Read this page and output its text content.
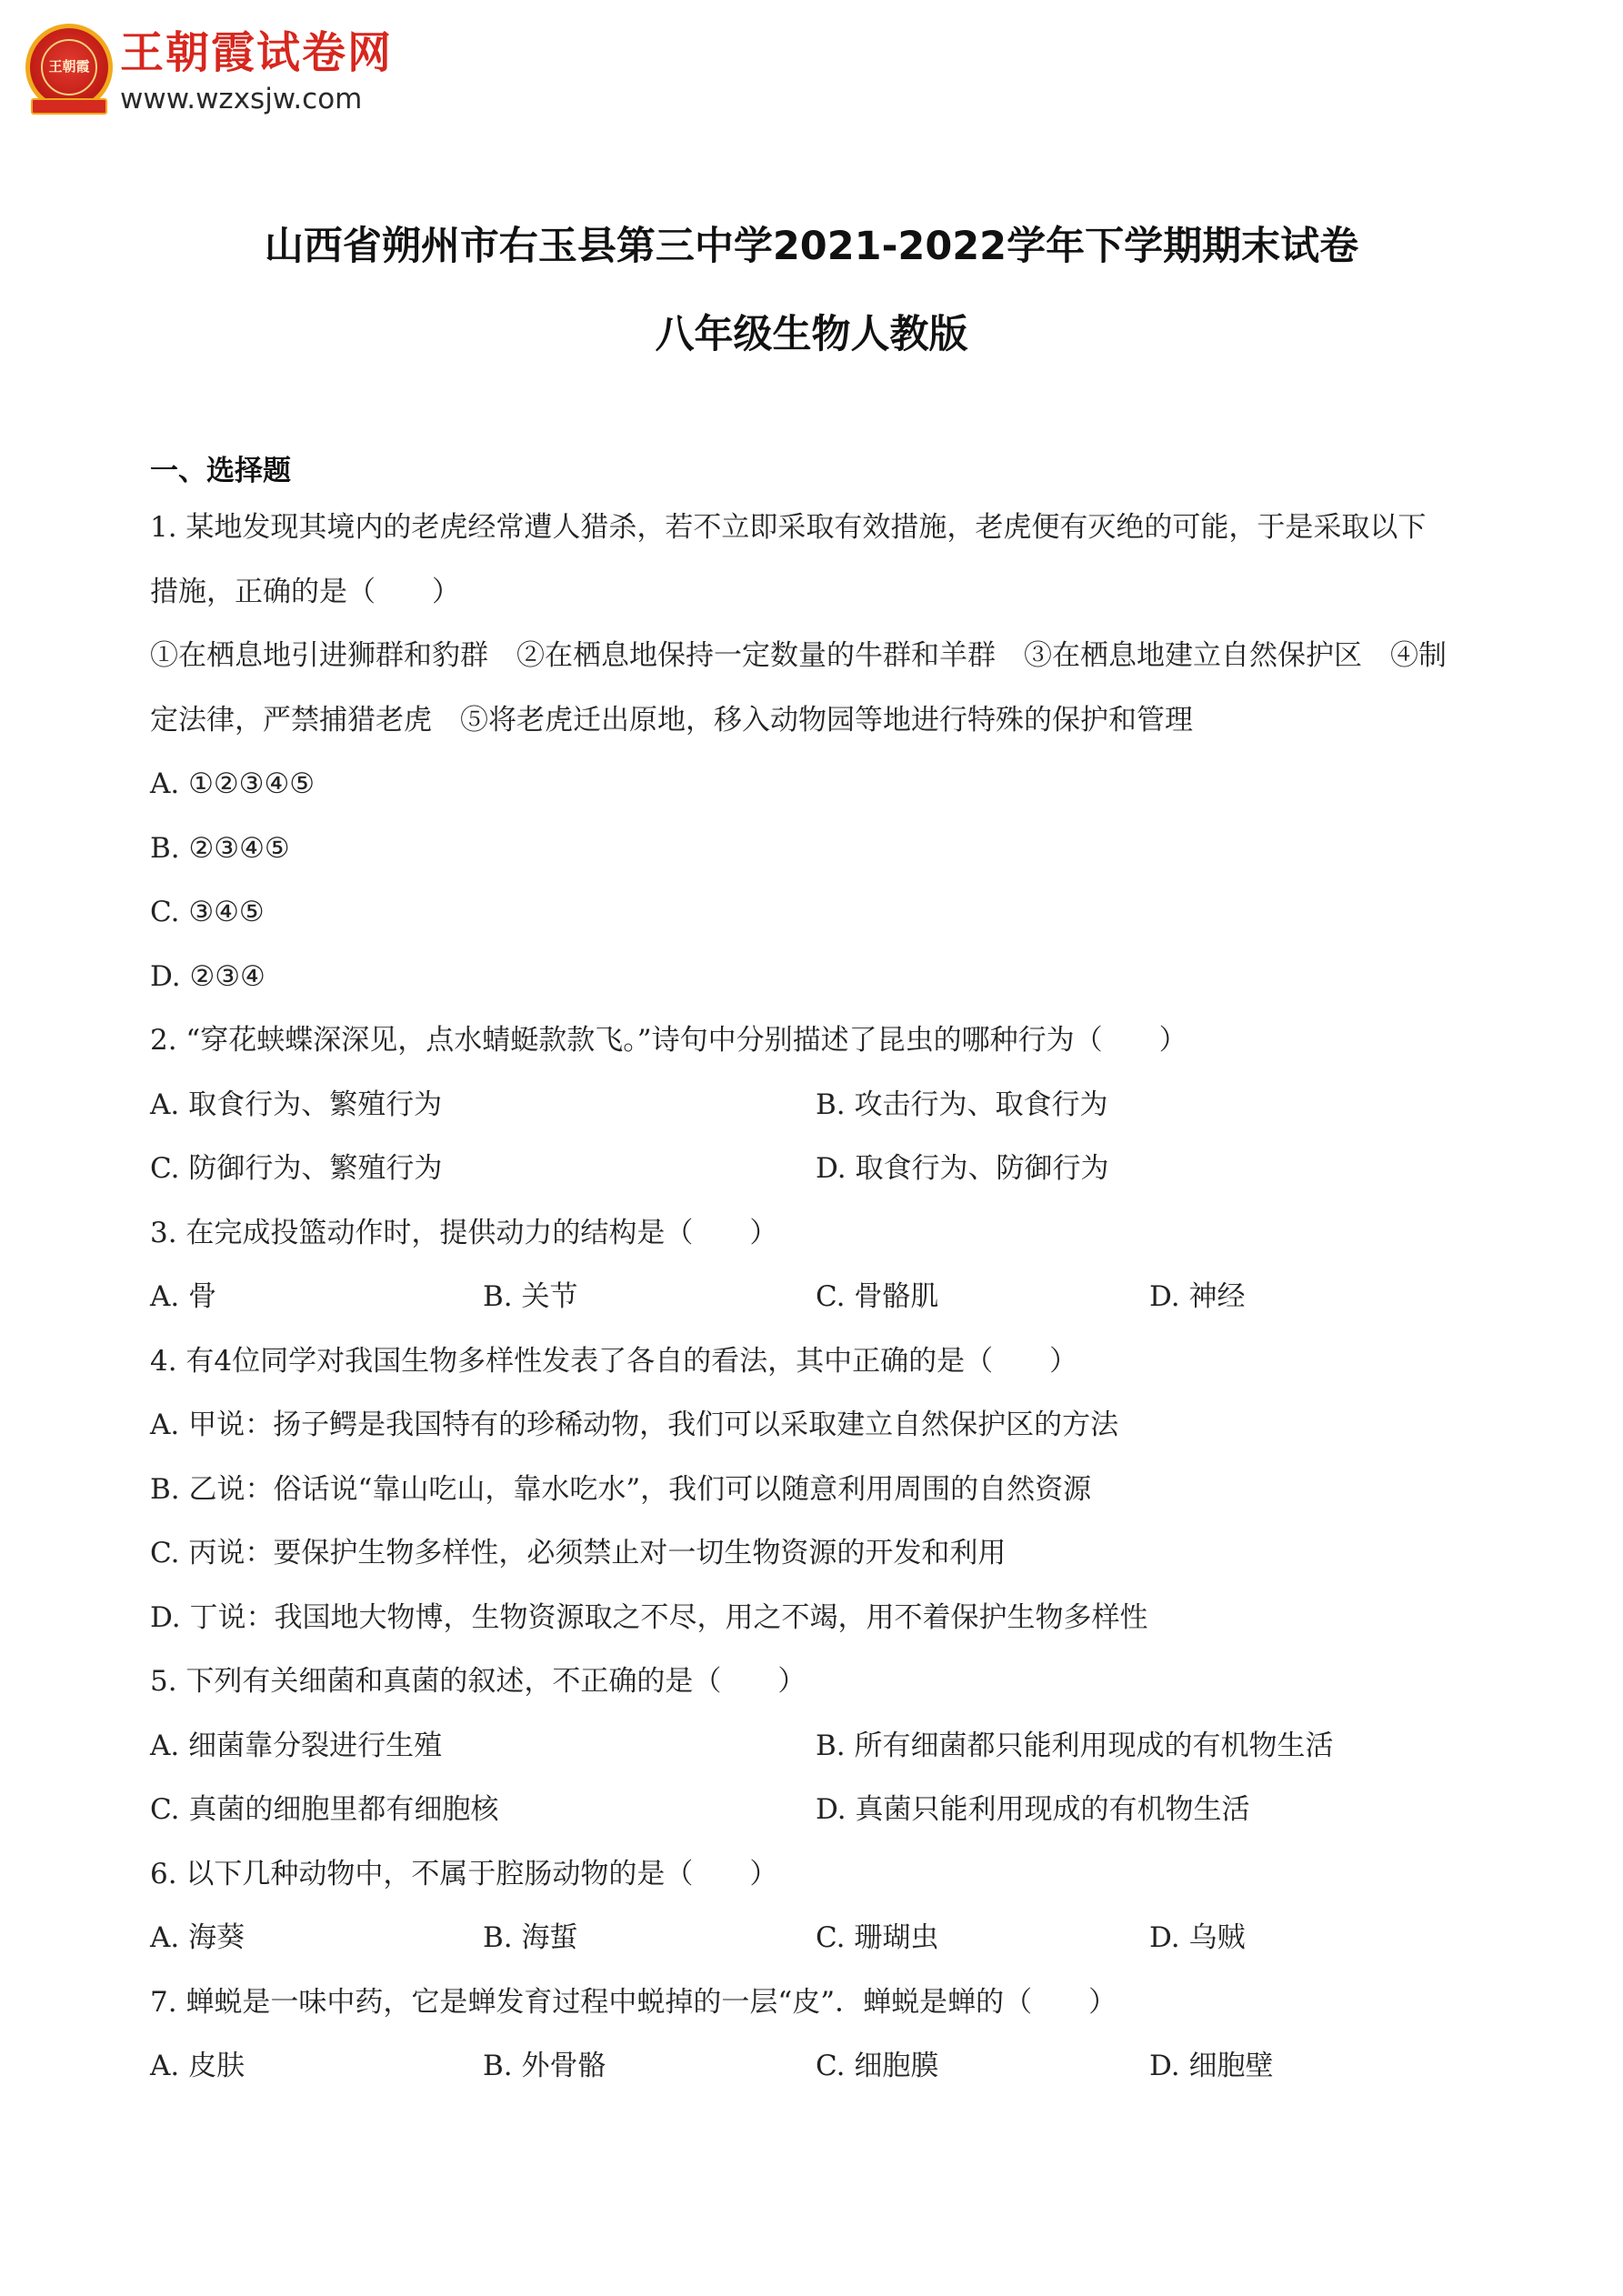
王朝霞 王朝霞试卷网
www.wzxsjw.com
山西省朔州市右玉县第三中学2021-2022学年下学期期末试卷
八年级生物人教版
一、选择题
1. 某地发现其境内的老虎经常遭人猎杀，若不立即采取有效措施，老虎便有灭绝的可能，于是采取以下
措施，正确的是（　　）
①在栖息地引进狮群和豹群　②在栖息地保持一定数量的牛群和羊群　③在栖息地建立自然保护区　④制
定法律，严禁捕猎老虎　⑤将老虎迁出原地，移入动物园等地进行特殊的保护和管理
A. ①②③④⑤
B. ②③④⑤
C. ③④⑤
D. ②③④
2. “穿花蛱蝶深深见，点水蜻蜓款款飞。”诗句中分别描述了昆虫的哪种行为（　　）
A. 取食行为、繁殖行为	B. 攻击行为、取食行为
C. 防御行为、繁殖行为	D. 取食行为、防御行为
3. 在完成投篮动作时，提供动力的结构是（　　）
A. 骨	B. 关节	C. 骨骼肌	D. 神经
4. 有4位同学对我国生物多样性发表了各自的看法，其中正确的是（　　）
A. 甲说：扬子鳄是我国特有的珍稀动物，我们可以采取建立自然保护区的方法
B. 乙说：俗话说“靠山吃山，靠水吃水”，我们可以随意利用周围的自然资源
C. 丙说：要保护生物多样性，必须禁止对一切生物资源的开发和利用
D. 丁说：我国地大物博，生物资源取之不尽，用之不竭，用不着保护生物多样性
5. 下列有关细菌和真菌的叙述，不正确的是（　　）
A. 细菌靠分裂进行生殖	B. 所有细菌都只能利用现成的有机物生活
C. 真菌的细胞里都有细胞核	D. 真菌只能利用现成的有机物生活
6. 以下几种动物中，不属于腔肠动物的是（　　）
A. 海葵	B. 海蜇	C. 珊瑚虫	D. 乌贼
7. 蝉蜕是一味中药，它是蝉发育过程中蜕掉的一层“皮”．蝉蜕是蝉的（　　）
A. 皮肤	B. 外骨骼	C. 细胞膜	D. 细胞壁
